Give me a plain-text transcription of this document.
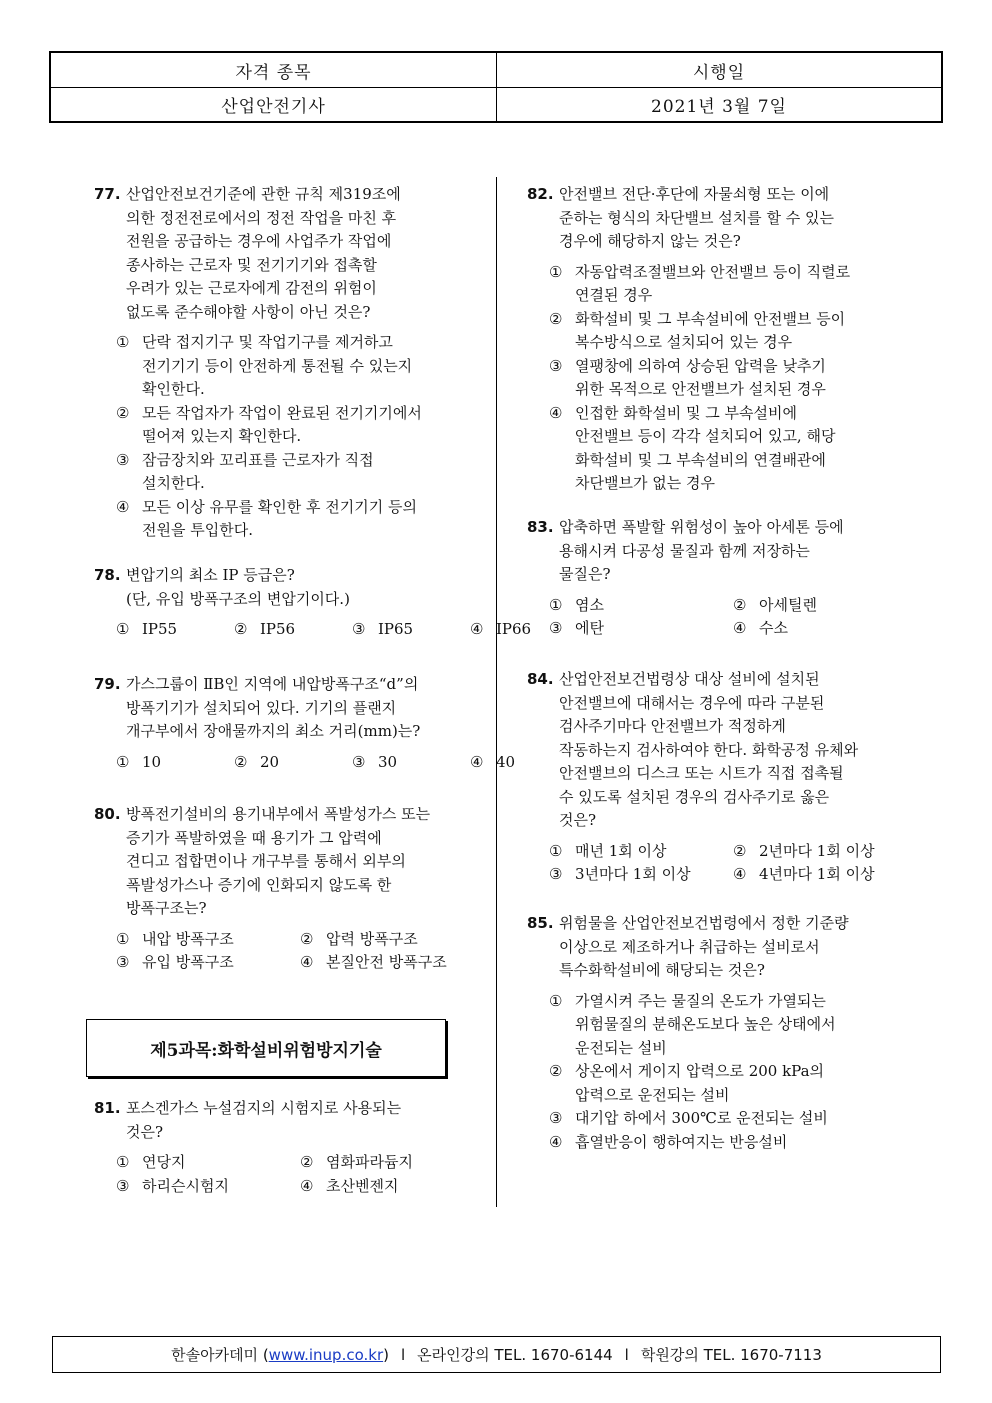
자격 종목	시행일
산업안전기사	2021년 3월 7일
77. 산업안전보건기준에 관한 규칙 제319조에
의한 정전전로에서의 정전 작업을 마친 후
전원을 공급하는 경우에 사업주가 작업에
종사하는 근로자 및 전기기기와 접촉할
우려가 있는 근로자에게 감전의 위험이
없도록 준수해야할 사항이 아닌 것은?
① 단락 접지기구 및 작업기구를 제거하고
전기기기 등이 안전하게 통전될 수 있는지
확인한다.
② 모든 작업자가 작업이 완료된 전기기기에서
떨어져 있는지 확인한다.
③ 잠금장치와 꼬리표를 근로자가 직접
설치한다.
④ 모든 이상 유무를 확인한 후 전기기기 등의
전원을 투입한다.
78. 변압기의 최소 IP 등급은?
(단, 유입 방폭구조의 변압기이다.)
① IP55	② IP56	③ IP65	④ IP66
79. 가스그룹이 ⅡB인 지역에 내압방폭구조“d”의
방폭기기가 설치되어 있다. 기기의 플랜지
개구부에서 장애물까지의 최소 거리(mm)는?
① 10	② 20	③ 30	④ 40
80. 방폭전기설비의 용기내부에서 폭발성가스 또는
증기가 폭발하였을 때 용기가 그 압력에
견디고 접합면이나 개구부를 통해서 외부의
폭발성가스나 증기에 인화되지 않도록 한
방폭구조는?
① 내압 방폭구조	② 압력 방폭구조
③ 유입 방폭구조	④ 본질안전 방폭구조
제5과목:화학설비위험방지기술
81. 포스겐가스 누설검지의 시험지로 사용되는
것은?
① 연당지	② 염화파라듐지
③ 하리슨시험지	④ 초산벤젠지
82. 안전밸브 전단·후단에 자물쇠형 또는 이에
준하는 형식의 차단밸브 설치를 할 수 있는
경우에 해당하지 않는 것은?
① 자동압력조절밸브와 안전밸브 등이 직렬로
연결된 경우
② 화학설비 및 그 부속설비에 안전밸브 등이
복수방식으로 설치되어 있는 경우
③ 열팽창에 의하여 상승된 압력을 낮추기
위한 목적으로 안전밸브가 설치된 경우
④ 인접한 화학설비 및 그 부속설비에
안전밸브 등이 각각 설치되어 있고, 해당
화학설비 및 그 부속설비의 연결배관에
차단밸브가 없는 경우
83. 압축하면 폭발할 위험성이 높아 아세톤 등에
용해시켜 다공성 물질과 함께 저장하는
물질은?
① 염소	② 아세틸렌
③ 에탄	④ 수소
84. 산업안전보건법령상 대상 설비에 설치된
안전밸브에 대해서는 경우에 따라 구분된
검사주기마다 안전밸브가 적정하게
작동하는지 검사하여야 한다. 화학공정 유체와
안전밸브의 디스크 또는 시트가 직접 접촉될
수 있도록 설치된 경우의 검사주기로 옳은
것은?
① 매년 1회 이상	② 2년마다 1회 이상
③ 3년마다 1회 이상	④ 4년마다 1회 이상
85. 위험물을 산업안전보건법령에서 정한 기준량
이상으로 제조하거나 취급하는 설비로서
특수화학설비에 해당되는 것은?
① 가열시켜 주는 물질의 온도가 가열되는
위험물질의 분해온도보다 높은 상태에서
운전되는 설비
② 상온에서 게이지 압력으로 200 kPa의
압력으로 운전되는 설비
③ 대기압 하에서 300℃로 운전되는 설비
④ 흡열반응이 행하여지는 반응설비
한솔아카데미 ( www.inup.co.kr ) l 온라인강의 TEL. 1670-6144 l 학원강의 TEL. 1670-7113
